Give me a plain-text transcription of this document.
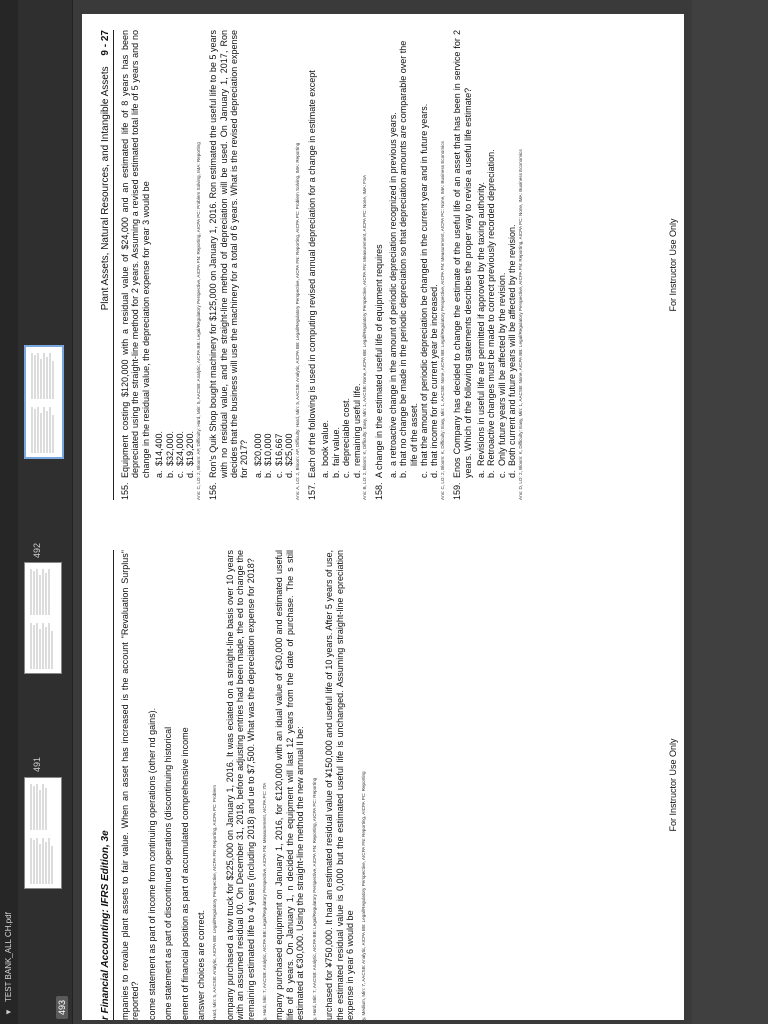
▼
TEST BANK_ALL CH.pdf
491
492
493	r Financial Accounting: IFRS Edition, 3e	mpanies to revalue plant assets to fair value. When an asset has increased is the account "Revaluation Surplus" reported? come statement as part of income from continuing operations (other nd gains). ome statement as part of discontinued operations (discontinuing historical ement of financial position as part of accumulated comprehensive income answer choices are correct. Hard, Min: 5, AACSB: Analytic, AICPA BB: Legal/Regulatory Perspective, AICPA FN: Reporting, AICPA PC: Problem ompany purchased a tow truck for $225,000 on January 1, 2016. It was eciated on a straight-line basis over 10 years with an assumed residual 00. On December 31, 2018, before adjusting entries had been made, the ed to change the remaining estimated life to 4 years (including 2018) and ue to $7,500. What was the depreciation expense for 2018? y, Hard, Min: 7, AACSB: Analytic, AICPA BB: Legal/Regulatory Perspective, AICPA FN: Measurement, AICPA PC: ITA mpany purchased equipment on January 1, 2016, for €120,000 with an idual value of €30,000 and estimated useful life of 8 years. On January 1, n decided the equipment will last 12 years from the date of purchase. The s still estimated at €30,000. Using the straight-line method the new annual ll be: y, Hard, Min: 7, AACSB: Analytic, AICPA BB: Legal/Regulatory Perspective, AICPA FN: Reporting, AICPA PC: Reporting urchased for ¥750,000. It had an estimated residual value of ¥150,000 and useful life of 10 years. After 5 years of use, the estimated residual value is 0,000 but the estimated useful life is unchanged. Assuming straight-line epreciation expense in year 6 would be y, Medium, Min: 7, AACSB: Analytic, AICPA BB: Legal/Regulatory Perspective, AICPA FN: Reporting, AICPA PC: Reporting

Plant Assets, Natural Resources, and Intangible Assets 9 - 27
155.
Equipment costing $120,000 with a residual value of $24,000 and an estimated life of 8 years has been depreciated using the straight-line method for 2 years. Assuming a revised estimated total life of 5 years and no change in the residual value, the depreciation expense for year 3 would be a.
$14,400.
b.
$32,000.
c.
$24,000.
d.
$19,200. Ans: C, LO: 2, Bloom: AP, Difficulty: Hard, Min: 5, AACSB: Analytic, AICPA BB: Legal/Regulatory Perspective, AICPA FN: Reporting, AICPA PC: Problem Solving, IMA: Reporting 156.
Ron's Quik Shop bought machinery for $125,000 on January 1, 2016. Ron estimated the useful life to be 5 years with no residual value, and the straight-line method of depreciation will be used. On January 1, 2017, Ron decides that the business will use the machinery for a total of 6 years. What is the revised depreciation expense for 2017? a.
$20,000
b.
$10,000
c.
$16,667
d.
$25,000 Ans: A, LO: 2, Bloom: AP, Difficulty: Hard, Min: 5, AACSB: Analytic, AICPA BB: Legal/Regulatory Perspective, AICPA FN: Reporting, AICPA PC: Problem Solving, IMA: Reporting 157.
Each of the following is used in computing revised annual depreciation for a change in estimate except a.
book value.
b.
fair value.
c.
depreciable cost.
d.
remaining useful life. Ans: B, LO: 2, Bloom: K, Difficulty: Easy, Min: 1, AACSB: None, AICPA BB: Legal/Regulatory Perspective, AICPA FN: Measurement, AICPA PC: None, IMA: FSA 158.
A change in the estimated useful life of equipment requires a.
a retroactive change in the amount of periodic depreciation recognized in previous years.
b.
that no change be made in the periodic depreciation so that depreciation amounts are comparable over the life of the asset.
c.
that the amount of periodic depreciation be changed in the current year and in future years.
d.
that income for the current year be increased. Ans: C, LO: 2, Bloom: K, Difficulty: Easy, Min: 1, AACSB: None, AICPA BB: Legal/Regulatory Perspective, AICPA FN: Measurement, AICPA PC: None, IMA: Business Economics 159.
Enos Company has decided to change the estimate of the useful life of an asset that has been in service for 2 years. Which of the following statements describes the proper way to revise a useful life estimate? a.
Revisions in useful life are permitted if approved by the taxing authority.
b.
Retroactive changes must be made to correct previously recorded depreciation.
c.
Only future years will be affected by the revision.
d.
Both current and future years will be affected by the revision. Ans: D, LO: 2, Bloom: K, Difficulty: Easy, Min: 1, AACSB: None, AICPA BB: Legal/Regulatory Perspective, AICPA FN: Reporting, AICPA PC: None, IMA: Business Economics

For Instructor Use Only
For Instructor Use Only
